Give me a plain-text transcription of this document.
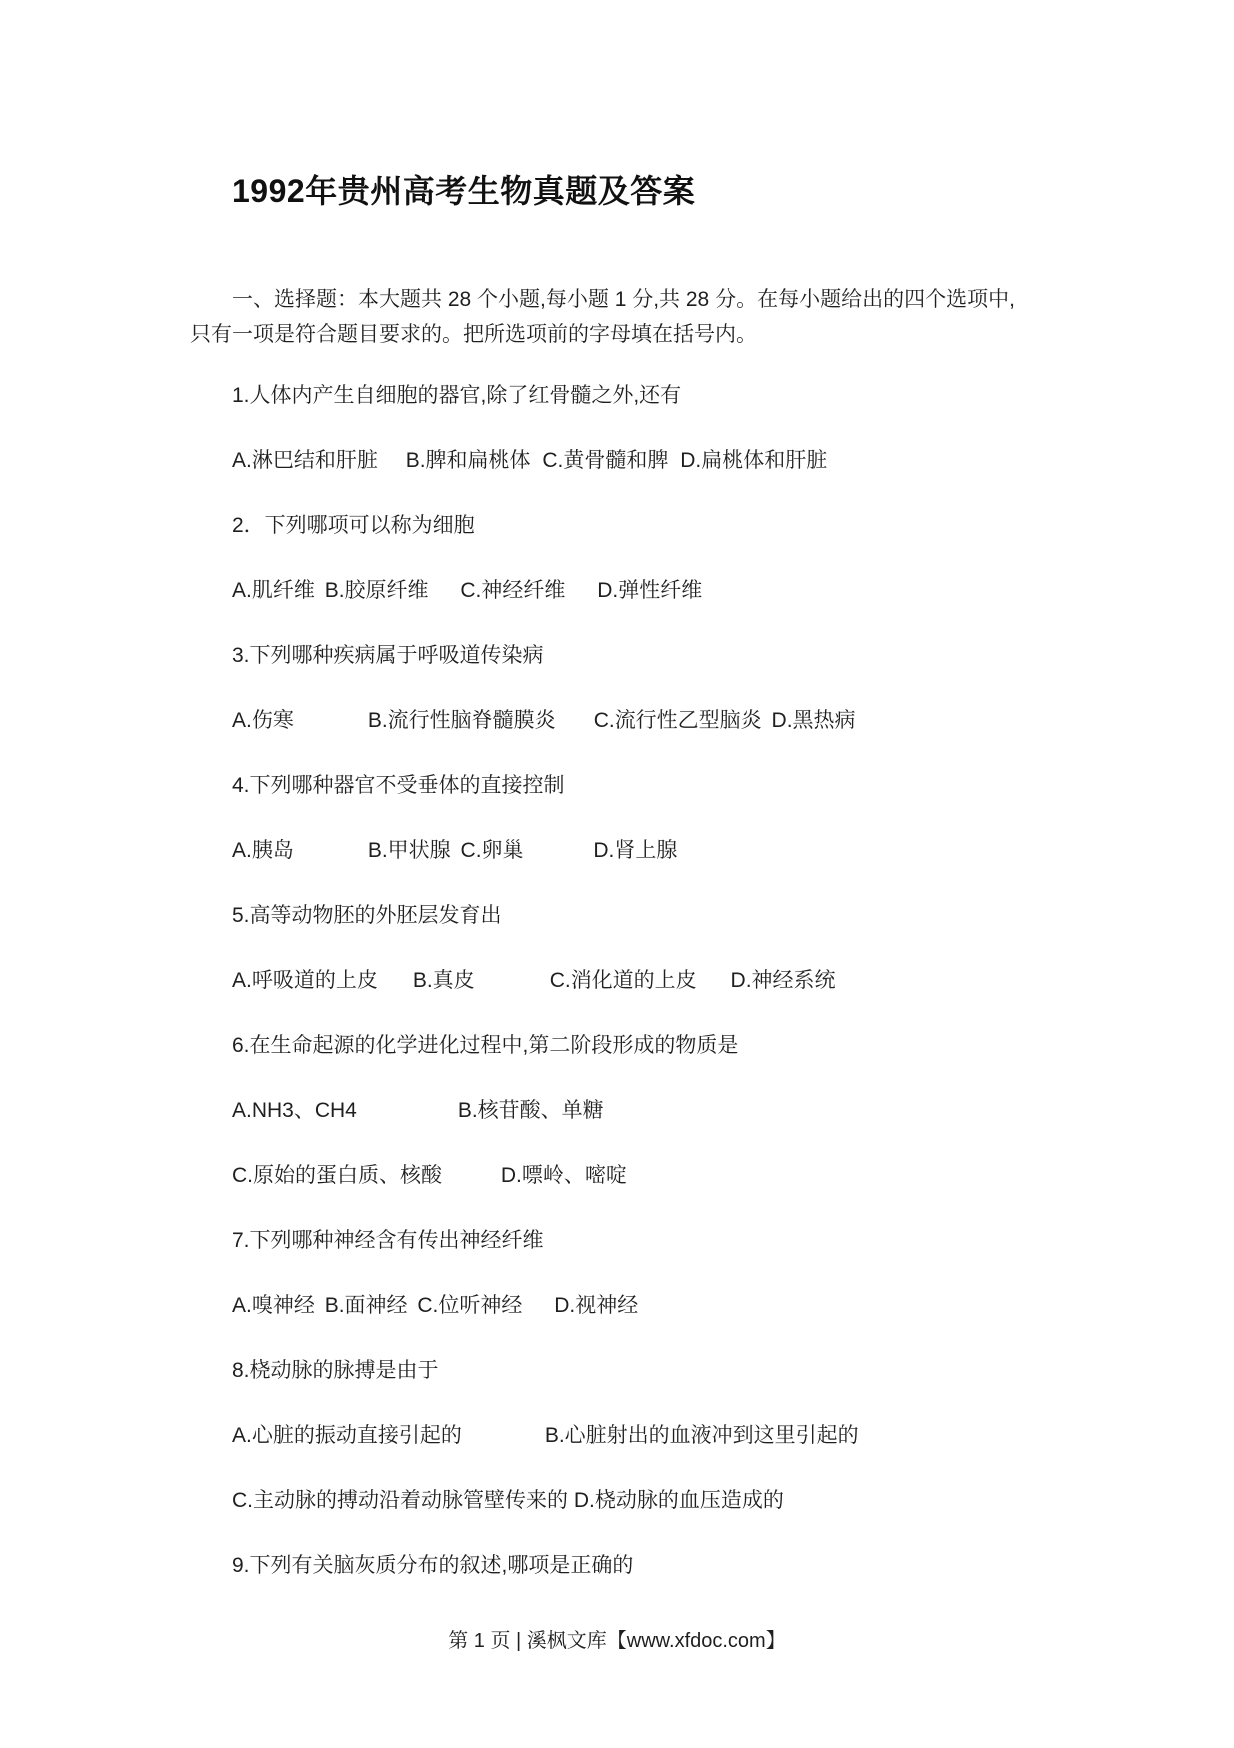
1992年贵州高考生物真题及答案
一、选择题：本大题共 28 个小题,每小题 1 分,共 28 分。在每小题给出的四个选项中,
只有一项是符合题目要求的。把所选项前的字母填在括号内。
1.人体内产生自细胞的器官,除了红骨髓之外,还有
A.淋巴结和肝脏 B.脾和扁桃体 C.黄骨髓和脾 D.扁桃体和肝脏
2．下列哪项可以称为细胞
A.肌纤维 B.胶原纤维 C.神经纤维 D.弹性纤维
3.下列哪种疾病属于呼吸道传染病
A.伤寒	B.流行性脑脊髓膜炎 C.流行性乙型脑炎 D.黑热病
4.下列哪种器官不受垂体的直接控制
A.胰岛	B.甲状腺 C.卵巢	D.肾上腺
5.高等动物胚的外胚层发育出
A.呼吸道的上皮 B.真皮	C.消化道的上皮 D.神经系统
6.在生命起源的化学进化过程中,第二阶段形成的物质是
A.NH3、CH4	B.核苷酸、单糖
C.原始的蛋白质、核酸	D.嘌岭、嘧啶
7.下列哪种神经含有传出神经纤维
A.嗅神经 B.面神经 C.位听神经 D.视神经
8.桡动脉的脉搏是由于
A.心脏的振动直接引起的	B.心脏射出的血液冲到这里引起的
C.主动脉的搏动沿着动脉管壁传来的 D.桡动脉的血压造成的
9.下列有关脑灰质分布的叙述,哪项是正确的
第 1 页 | 溪枫文库【www.xfdoc.com】
